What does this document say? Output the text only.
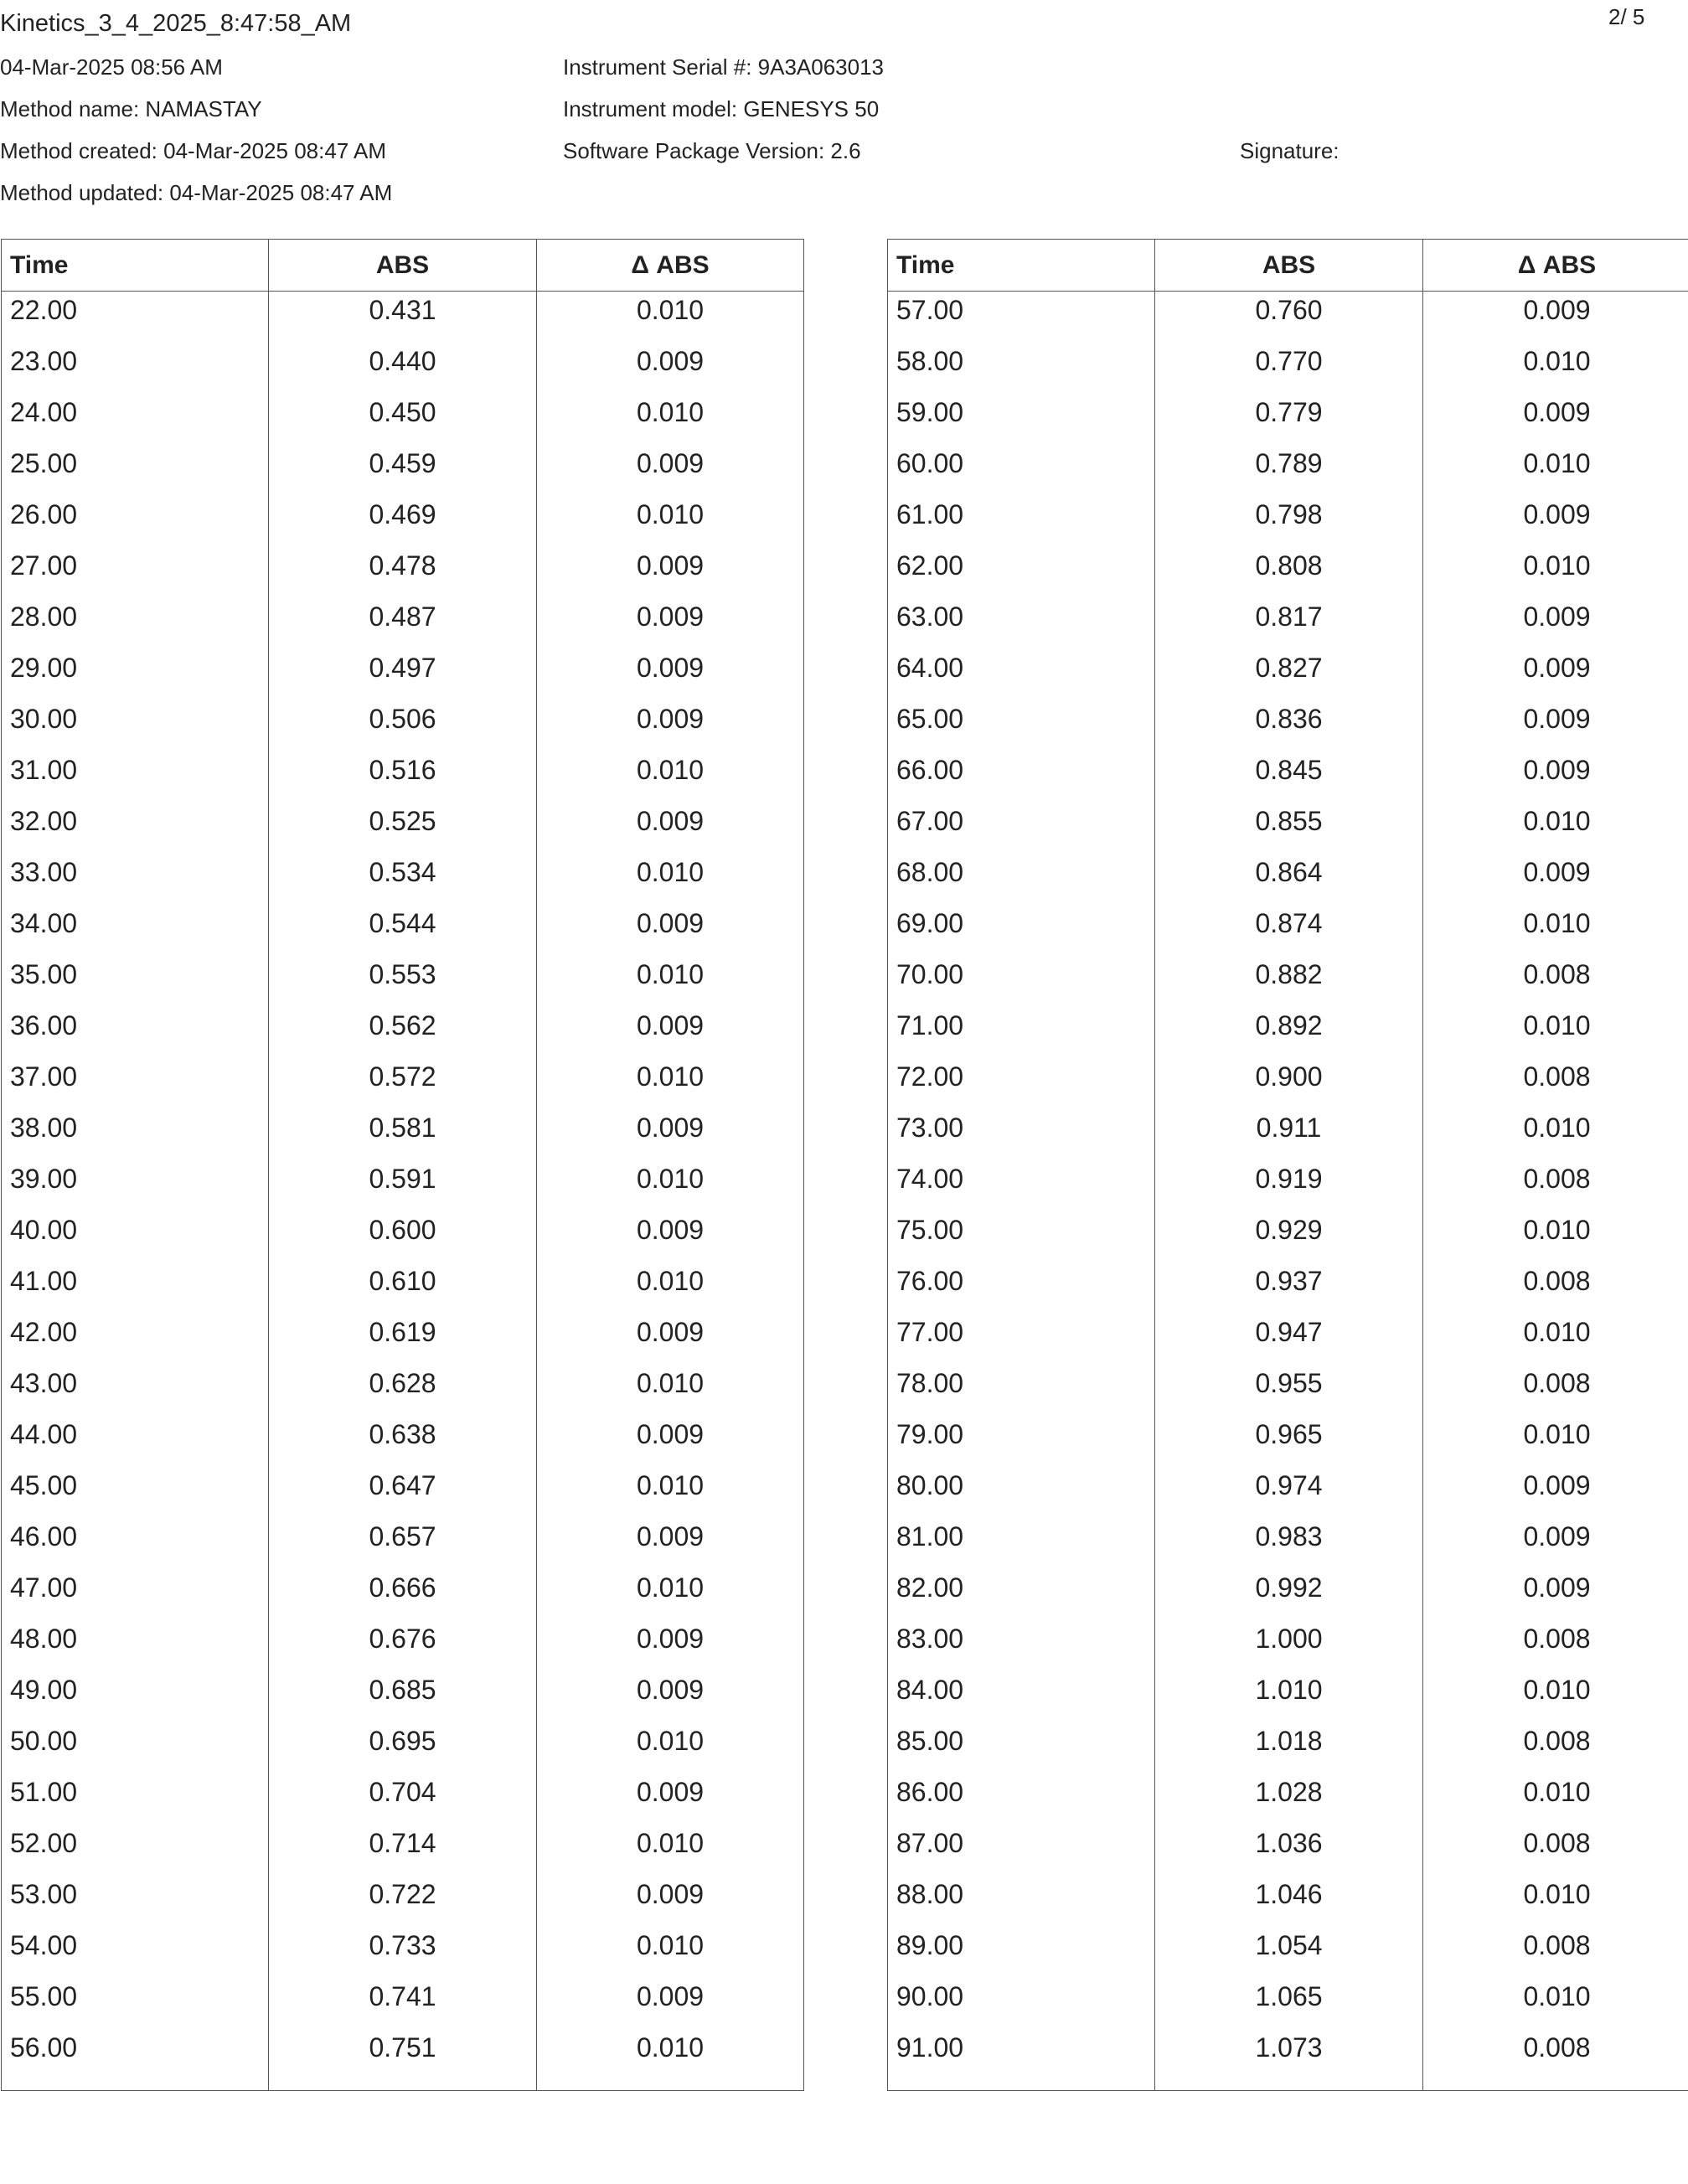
Kinetics_3_4_2025_8:47:58_AM	2/ 5
04-Mar-2025 08:56 AM
Method name: NAMASTAY
Method created: 04-Mar-2025 08:47 AM
Method updated: 04-Mar-2025 08:47 AM
Instrument Serial #: 9A3A063013
Instrument model: GENESYS 50
Software Package Version: 2.6	Signature:
Time	ABS	Δ ABS
22.00	0.431	0.010
23.00	0.440	0.009
24.00	0.450	0.010
25.00	0.459	0.009
26.00	0.469	0.010
27.00	0.478	0.009
28.00	0.487	0.009
29.00	0.497	0.009
30.00	0.506	0.009
31.00	0.516	0.010
32.00	0.525	0.009
33.00	0.534	0.010
34.00	0.544	0.009
35.00	0.553	0.010
36.00	0.562	0.009
37.00	0.572	0.010
38.00	0.581	0.009
39.00	0.591	0.010
40.00	0.600	0.009
41.00	0.610	0.010
42.00	0.619	0.009
43.00	0.628	0.010
44.00	0.638	0.009
45.00	0.647	0.010
46.00	0.657	0.009
47.00	0.666	0.010
48.00	0.676	0.009
49.00	0.685	0.009
50.00	0.695	0.010
51.00	0.704	0.009
52.00	0.714	0.010
53.00	0.722	0.009
54.00	0.733	0.010
55.00	0.741	0.009
56.00	0.751	0.010
Time	ABS	Δ ABS
57.00	0.760	0.009
58.00	0.770	0.010
59.00	0.779	0.009
60.00	0.789	0.010
61.00	0.798	0.009
62.00	0.808	0.010
63.00	0.817	0.009
64.00	0.827	0.009
65.00	0.836	0.009
66.00	0.845	0.009
67.00	0.855	0.010
68.00	0.864	0.009
69.00	0.874	0.010
70.00	0.882	0.008
71.00	0.892	0.010
72.00	0.900	0.008
73.00	0.911	0.010
74.00	0.919	0.008
75.00	0.929	0.010
76.00	0.937	0.008
77.00	0.947	0.010
78.00	0.955	0.008
79.00	0.965	0.010
80.00	0.974	0.009
81.00	0.983	0.009
82.00	0.992	0.009
83.00	1.000	0.008
84.00	1.010	0.010
85.00	1.018	0.008
86.00	1.028	0.010
87.00	1.036	0.008
88.00	1.046	0.010
89.00	1.054	0.008
90.00	1.065	0.010
91.00	1.073	0.008
